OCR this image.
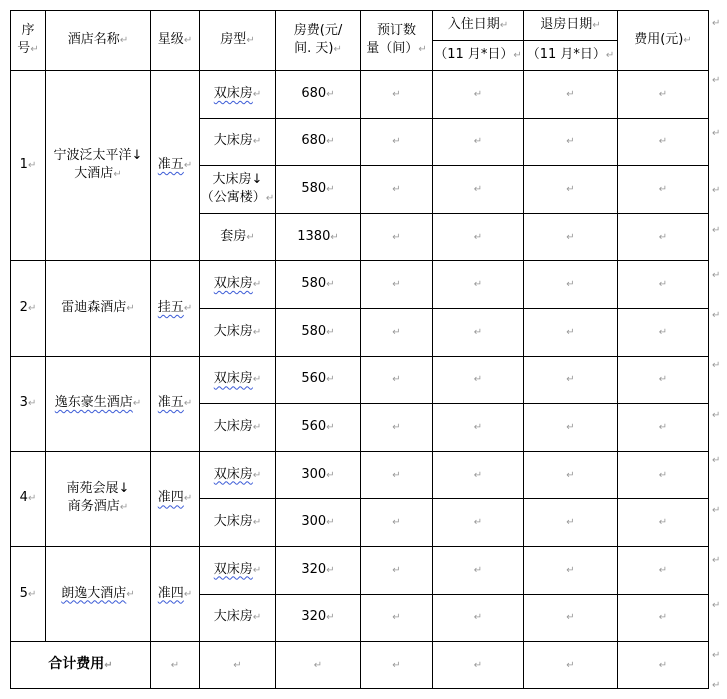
序
号↵	酒店名称↵	星级↵	房型↵	房费(元/
间. 天)↵	预订数
量（间）↵	入住日期↵	退房日期↵	费用(元)↵
						（11 月*日）↵	（11 月*日）↵	
1↵	宁波泛太平洋↓
大酒店↵	准五↵	双床房↵	680↵	↵	↵	↵	↵

			大床房↵	680↵	↵	↵	↵	↵

			大床房↓
（公寓楼）↵	580↵	↵	↵	↵	↵

			套房↵	1380↵	↵	↵	↵	↵
2↵	雷迪森酒店↵	挂五↵	双床房↵	580↵	↵	↵	↵	↵

			大床房↵	580↵	↵	↵	↵	↵
3↵	逸东豪生酒店↵	准五↵	双床房↵	560↵	↵	↵	↵	↵

			大床房↵	560↵	↵	↵	↵	↵
4↵	南苑会展↓
商务酒店↵	准四↵	双床房↵	300↵	↵	↵	↵	↵

			大床房↵	300↵	↵	↵	↵	↵
5↵	朗逸大酒店↵	准四↵	双床房↵	320↵	↵	↵	↵	↵

			大床房↵	320↵	↵	↵	↵	↵
合计费用↵		↵	↵	↵	↵	↵	↵	↵
↵
↵
↵
↵
↵
↵
↵
↵
↵
↵
↵
↵
↵
↵
↵
